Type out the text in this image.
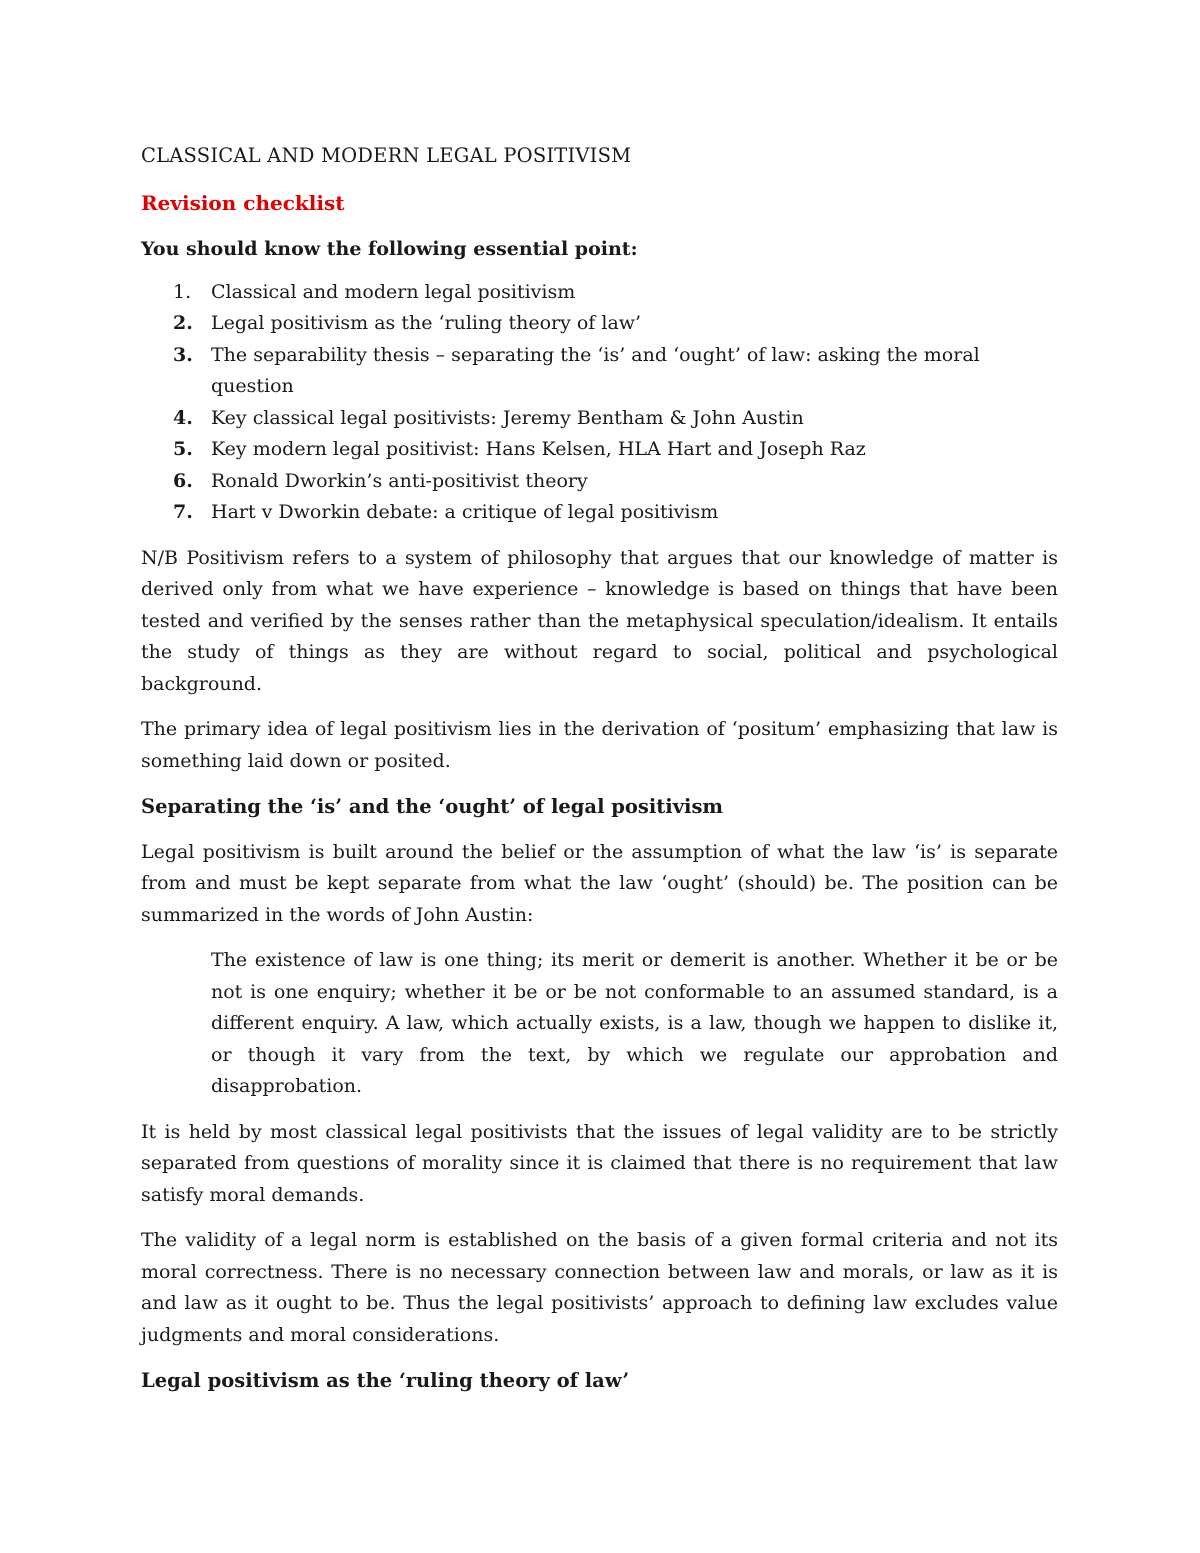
CLASSICAL AND MODERN LEGAL POSITIVISM

Revision checklist

You should know the following essential point:

1.	Classical and modern legal positivism
2. Legal positivism as the ‘ruling theory of law’
3. The separability thesis – separating the ‘is’ and ‘ought’ of law: asking the moral question
4. Key classical legal positivists: Jeremy Bentham & John Austin
5. Key modern legal positivist: Hans Kelsen, HLA Hart and Joseph Raz
6. Ronald Dworkin’s anti-positivist theory
7. Hart v Dworkin debate: a critique of legal positivism

N/B Positivism refers to a system of philosophy that argues that our knowledge of matter is derived only from what we have experience – knowledge is based on things that have been tested and verified by the senses rather than the metaphysical speculation/idealism. It entails the study of things as they are without regard to social, political and psychological background.

The primary idea of legal positivism lies in the derivation of ‘positum’ emphasizing that law is something laid down or posited.

Separating the ‘is’ and the ‘ought’ of legal positivism

Legal positivism is built around the belief or the assumption of what the law ‘is’ is separate from and must be kept separate from what the law ‘ought’ (should) be. The position can be summarized in the words of John Austin:

The existence of law is one thing; its merit or demerit is another. Whether it be or be not is one enquiry; whether it be or be not conformable to an assumed standard, is a different enquiry. A law, which actually exists, is a law, though we happen to dislike it, or though it vary from the text, by which we regulate our approbation and disapprobation.

It is held by most classical legal positivists that the issues of legal validity are to be strictly separated from questions of morality since it is claimed that there is no requirement that law satisfy moral demands.

The validity of a legal norm is established on the basis of a given formal criteria and not its moral correctness. There is no necessary connection between law and morals, or law as it is and law as it ought to be. Thus the legal positivists’ approach to defining law excludes value judgments and moral considerations.

Legal positivism as the ‘ruling theory of law’
